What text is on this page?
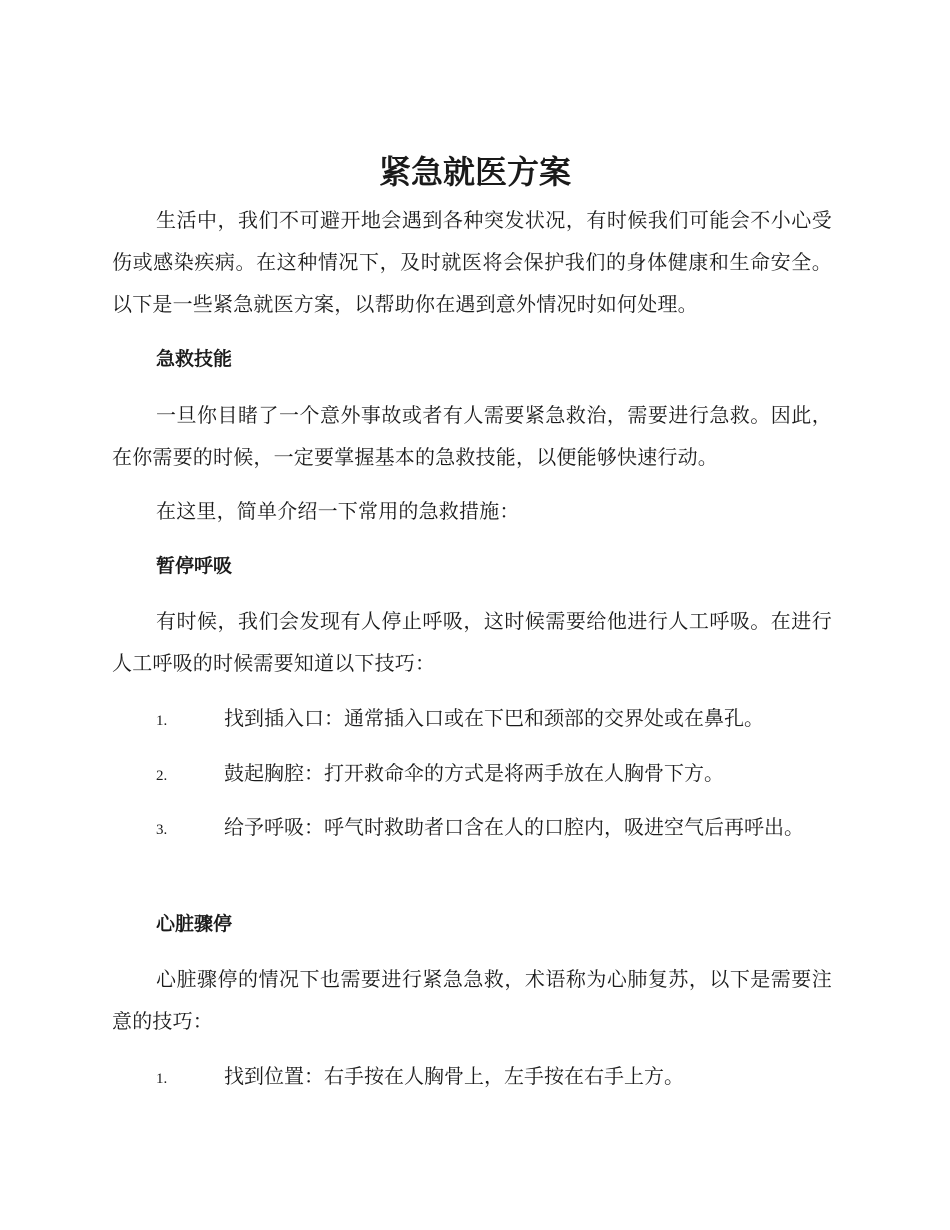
紧急就医方案

生活中，我们不可避开地会遇到各种突发状况，有时候我们可能会不小心受伤或感染疾病。在这种情况下，及时就医将会保护我们的身体健康和生命安全。以下是一些紧急就医方案，以帮助你在遇到意外情况时如何处理。

急救技能

一旦你目睹了一个意外事故或者有人需要紧急救治，需要进行急救。因此，在你需要的时候，一定要掌握基本的急救技能，以便能够快速行动。

在这里，简单介绍一下常用的急救措施：

暂停呼吸

有时候，我们会发现有人停止呼吸，这时候需要给他进行人工呼吸。在进行人工呼吸的时候需要知道以下技巧：

1.	找到插入口：通常插入口或在下巴和颈部的交界处或在鼻孔。

2.	鼓起胸腔：打开救命伞的方式是将两手放在人胸骨下方。

3.	给予呼吸：呼气时救助者口含在人的口腔内，吸进空气后再呼出。

心脏骤停

心脏骤停的情况下也需要进行紧急急救，术语称为心肺复苏，以下是需要注意的技巧：

1.	找到位置：右手按在人胸骨上，左手按在右手上方。
